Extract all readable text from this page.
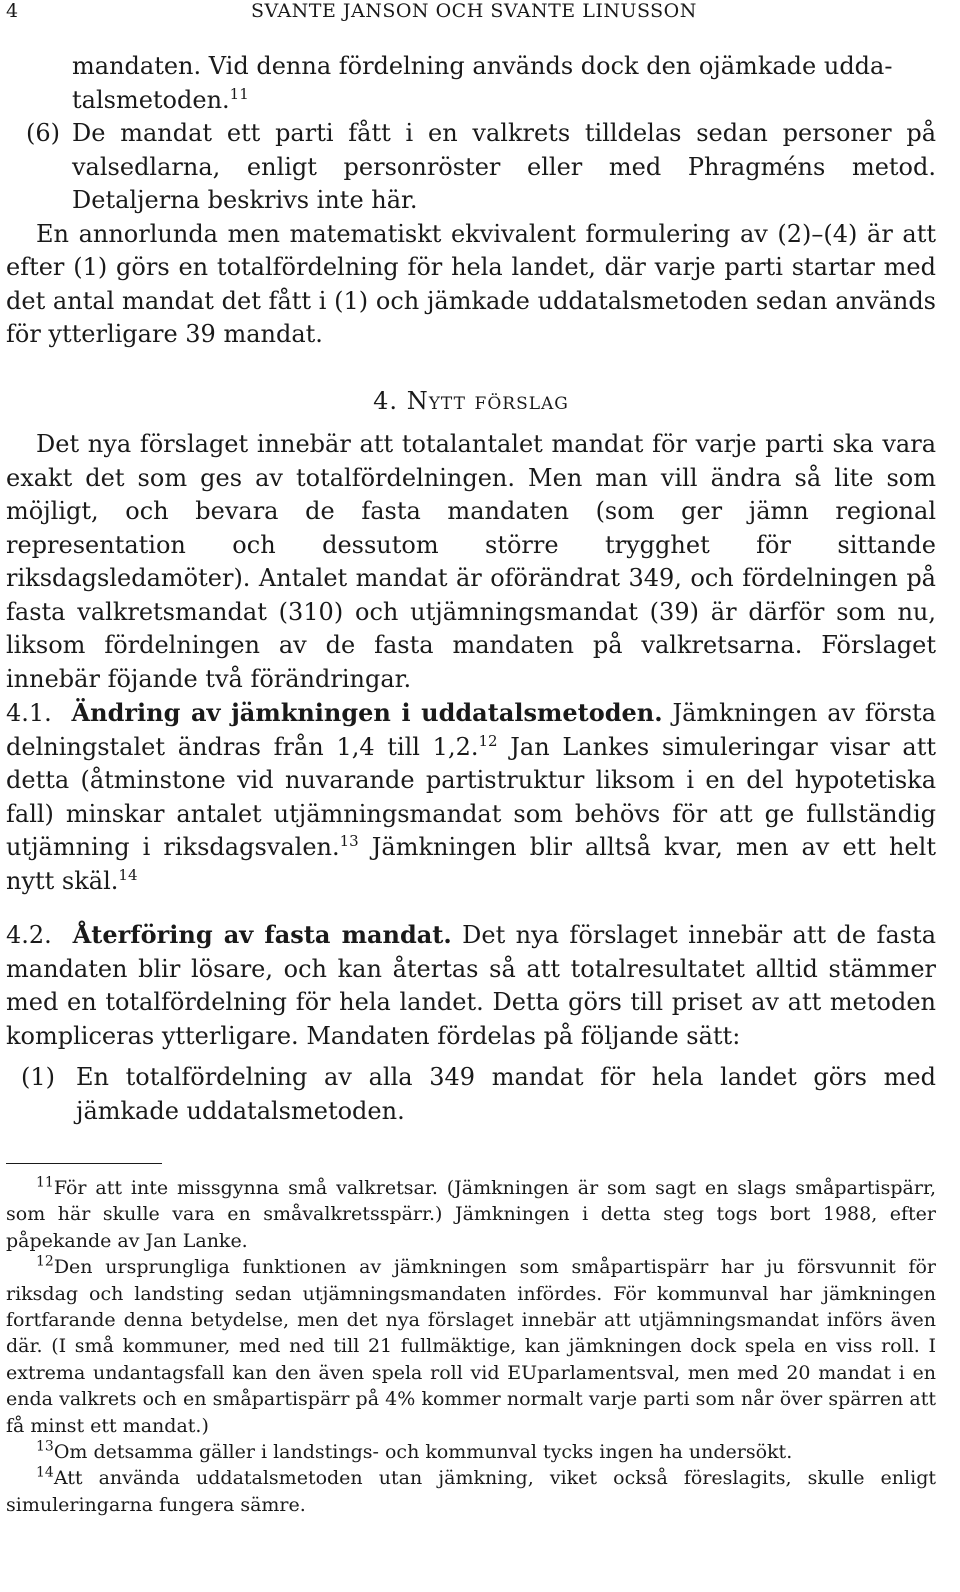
4	SVANTE JANSON OCH SVANTE LINUSSON

mandaten. Vid denna fördelning används dock den ojämkade udda-
talsmetoden.$^{11}$

(6) De mandat ett parti fått i en valkrets tilldelas sedan personer på valsedlarna, enligt personröster eller med Phragméns metod. Detaljerna beskrivs inte här.

En annorlunda men matematiskt ekvivalent formulering av (2)–(4) är att efter (1) görs en totalfördelning för hela landet, där varje parti startar med det antal mandat det fått i (1) och jämkade uddatalsmetoden sedan används för ytterligare 39 mandat.

4. Nytt förslag

Det nya förslaget innebär att totalantalet mandat för varje parti ska vara exakt det som ges av totalfördelningen. Men man vill ändra så lite som möjligt, och bevara de fasta mandaten (som ger jämn regional representation och dessutom större trygghet för sittande riksdagsledamöter). Antalet mandat är oförändrat 349, och fördelningen på fasta valkretsmandat (310) och utjämningsmandat (39) är därför som nu, liksom fördelningen av de fasta mandaten på valkretsarna. Förslaget innebär föjande två förändringar.

4.1. Ändring av jämkningen i uddatalsmetoden. Jämkningen av första delningstalet ändras från 1,4 till 1,2.12 Jan Lankes simuleringar visar att detta (åtminstone vid nuvarande partistruktur liksom i en del hypotetiska fall) minskar antalet utjämningsmandat som behövs för att ge fullständig utjämning i riksdagsvalen.$^{13}$ Jämkningen blir alltså kvar, men av ett helt nytt skäl.$^{14}$

4.2. Återföring av fasta mandat. Det nya förslaget innebär att de fasta mandaten blir lösare, och kan återtas så att totalresultatet alltid stämmer med en totalfördelning för hela landet. Detta görs till priset av att metoden kompliceras ytterligare. Mandaten fördelas på följande sätt:

(1) En totalfördelning av alla 349 mandat för hela landet görs med jämkade uddatalsmetoden.

$^{11}$För att inte missgynna små valkretsar. (Jämkningen är som sagt en slags småpartispärr, som här skulle vara en småvalkretsspärr.) Jämkningen i detta steg togs bort 1988, efter påpekande av Jan Lanke.

$^{12}$Den ursprungliga funktionen av jämkningen som småpartispärr har ju försvunnit för riksdag och landsting sedan utjämningsmandaten infördes. För kommunval har jämkningen fortfarande denna betydelse, men det nya förslaget innebär att utjämningsmandat införs även där. (I små kommuner, med ned till 21 fullmäktige, kan jämkningen dock spela en viss roll. I extrema undantagsfall kan den även spela roll vid EUparlamentsval, men med 20 mandat i en enda valkrets och en småpartispärr på 4% kommer normalt varje parti som når över spärren att få minst ett mandat.)

$^{13}$Om detsamma gäller i landstings- och kommunval tycks ingen ha undersökt.

$^{14}$Att använda uddatalsmetoden utan jämkning, viket också föreslagits, skulle enligt simuleringarna fungera sämre.
